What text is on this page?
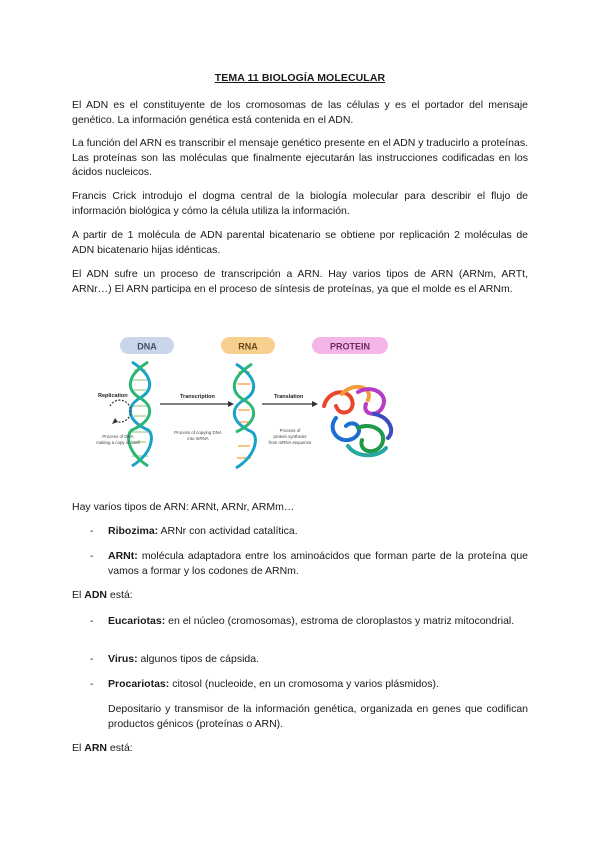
TEMA 11 BIOLOGÍA MOLECULAR

El ADN es el constituyente de los cromosomas de las células y es el portador del mensaje genético. La información genética está contenida en el ADN.

La función del ARN es transcribir el mensaje genético presente en el ADN y traducirlo a proteínas. Las proteínas son las moléculas que finalmente ejecutarán las instrucciones codificadas en los ácidos nucleicos.

Francis Crick introdujo el dogma central de la biología molecular para describir el flujo de información biológica y cómo la célula utiliza la información.

A partir de 1 molécula de ADN parental bicatenario se obtiene por replicación 2 moléculas de ADN bicatenario hijas idénticas.

El ADN sufre un proceso de transcripción a ARN. Hay varios tipos de ARN (ARNm, ARTt, ARNr…) El ARN participa en el proceso de síntesis de proteínas, ya que el molde es el ARNm.

DNA	RNA	PROTEIN
Replication
Process of DNA
making a copy of itself
Transcription
Process of copying DNA
into mRNA
Translation
Process of
protein synthesis
from mRNA sequence

Hay varios tipos de ARN: ARNt, ARNr, ARMm…

-	Ribozima: ARNr con actividad catalítica.
-	ARNt: molécula adaptadora entre los aminoácidos que forman parte de la proteína que vamos a formar y los codones de ARNm.

El ADN está:

-	Eucariotas: en el núcleo (cromosomas), estroma de cloroplastos y matriz mitocondrial.
-	Virus: algunos tipos de cápsida.
-	Procariotas: citosol (nucleoide, en un cromosoma y varios plásmidos).
Depositario y transmisor de la información genética, organizada en genes que codifican productos génicos (proteínas o ARN).

El ARN está:
